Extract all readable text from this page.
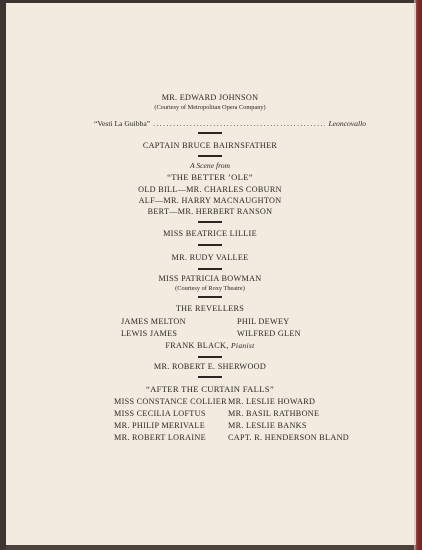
MR. EDWARD JOHNSON
(Courtesy of Metropolitan Opera Company)
“Vesti La Guibba”
.....	Leoncovallo
CAPTAIN BRUCE BAIRNSFATHER
A Scene from
“THE BETTER ’OLE”
OLD BILL—MR. CHARLES COBURN
ALF—MR. HARRY MACNAUGHTON
BERT—MR. HERBERT RANSON
MISS BEATRICE LILLIE
MR. RUDY VALLEE
MISS PATRICIA BOWMAN
(Courtesy of Roxy Theatre)
THE REVELLERS
JAMES MELTON	PHIL DEWEY
LEWIS JAMES	WILFRED GLEN
FRANK BLACK, Pianist
MR. ROBERT E. SHERWOOD
“AFTER THE CURTAIN FALLS”
MISS CONSTANCE COLLIER
MISS CECILIA LOFTUS
MR. PHILIP MERIVALE
MR. ROBERT LORAINE
MR. LESLIE HOWARD
MR. BASIL RATHBONE
MR. LESLIE BANKS
CAPT. R. HENDERSON BLAND
